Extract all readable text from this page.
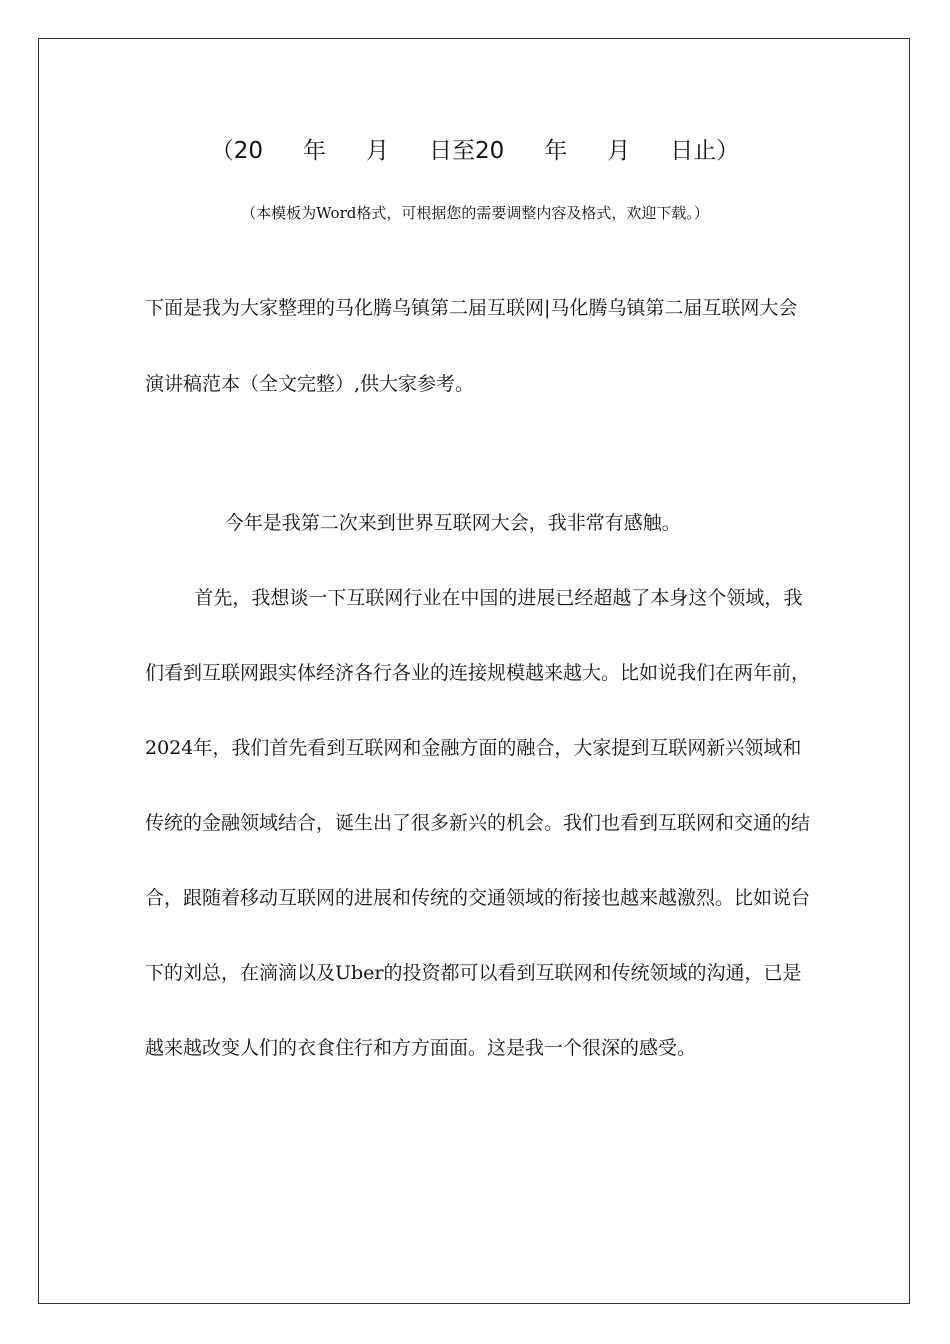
（20 年 月 日至20 年 月 日止）
（本模板为Word格式，可根据您的需要调整内容及格式，欢迎下载。）

下面是我为大家整理的马化腾乌镇第二届互联网|马化腾乌镇第二届互联网大会演讲稿范本（全文完整）,供大家参考。

今年是我第二次来到世界互联网大会，我非常有感触。

首先，我想谈一下互联网行业在中国的进展已经超越了本身这个领域，我们看到互联网跟实体经济各行各业的连接规模越来越大。比如说我们在两年前，2024年，我们首先看到互联网和金融方面的融合，大家提到互联网新兴领域和传统的金融领域结合，诞生出了很多新兴的机会。我们也看到互联网和交通的结合，跟随着移动互联网的进展和传统的交通领域的衔接也越来越激烈。比如说台下的刘总，在滴滴以及Uber的投资都可以看到互联网和传统领域的沟通，已是越来越改变人们的衣食住行和方方面面。这是我一个很深的感受。
